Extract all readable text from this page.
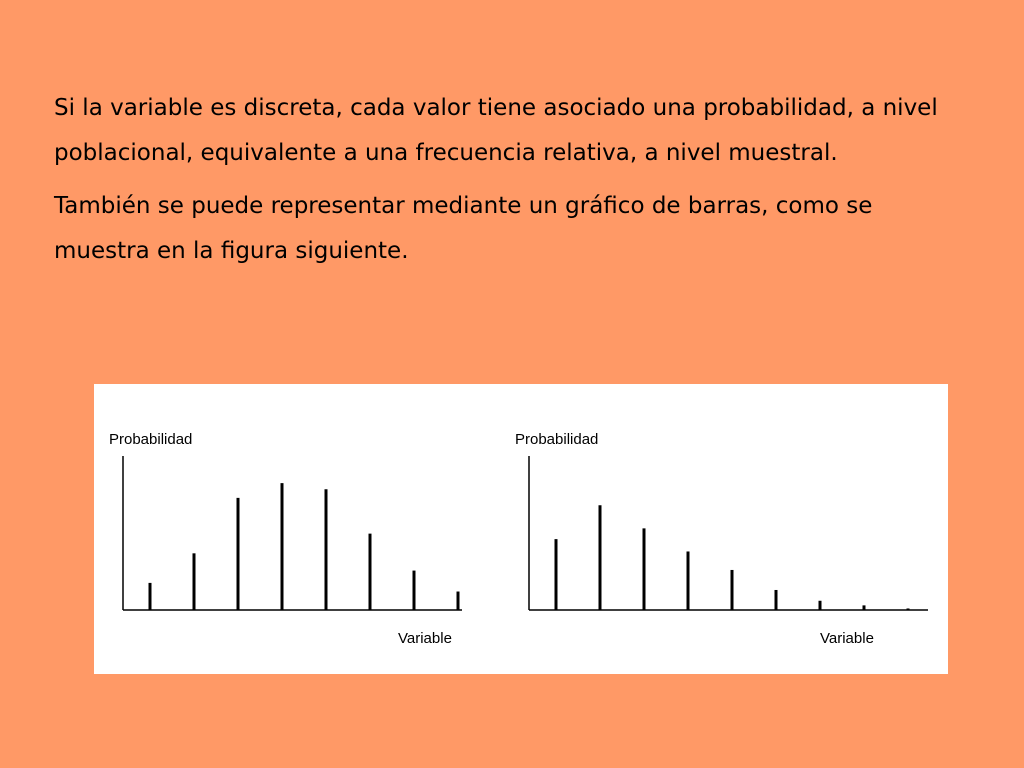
Si la variable es discreta, cada valor tiene asociado una probabilidad, a nivel poblacional, equivalente a una frecuencia relativa, a nivel muestral.

También se puede representar mediante un gráfico de barras, como se muestra en la figura siguiente.

Probabilidad
Variable
Probabilidad
Variable
